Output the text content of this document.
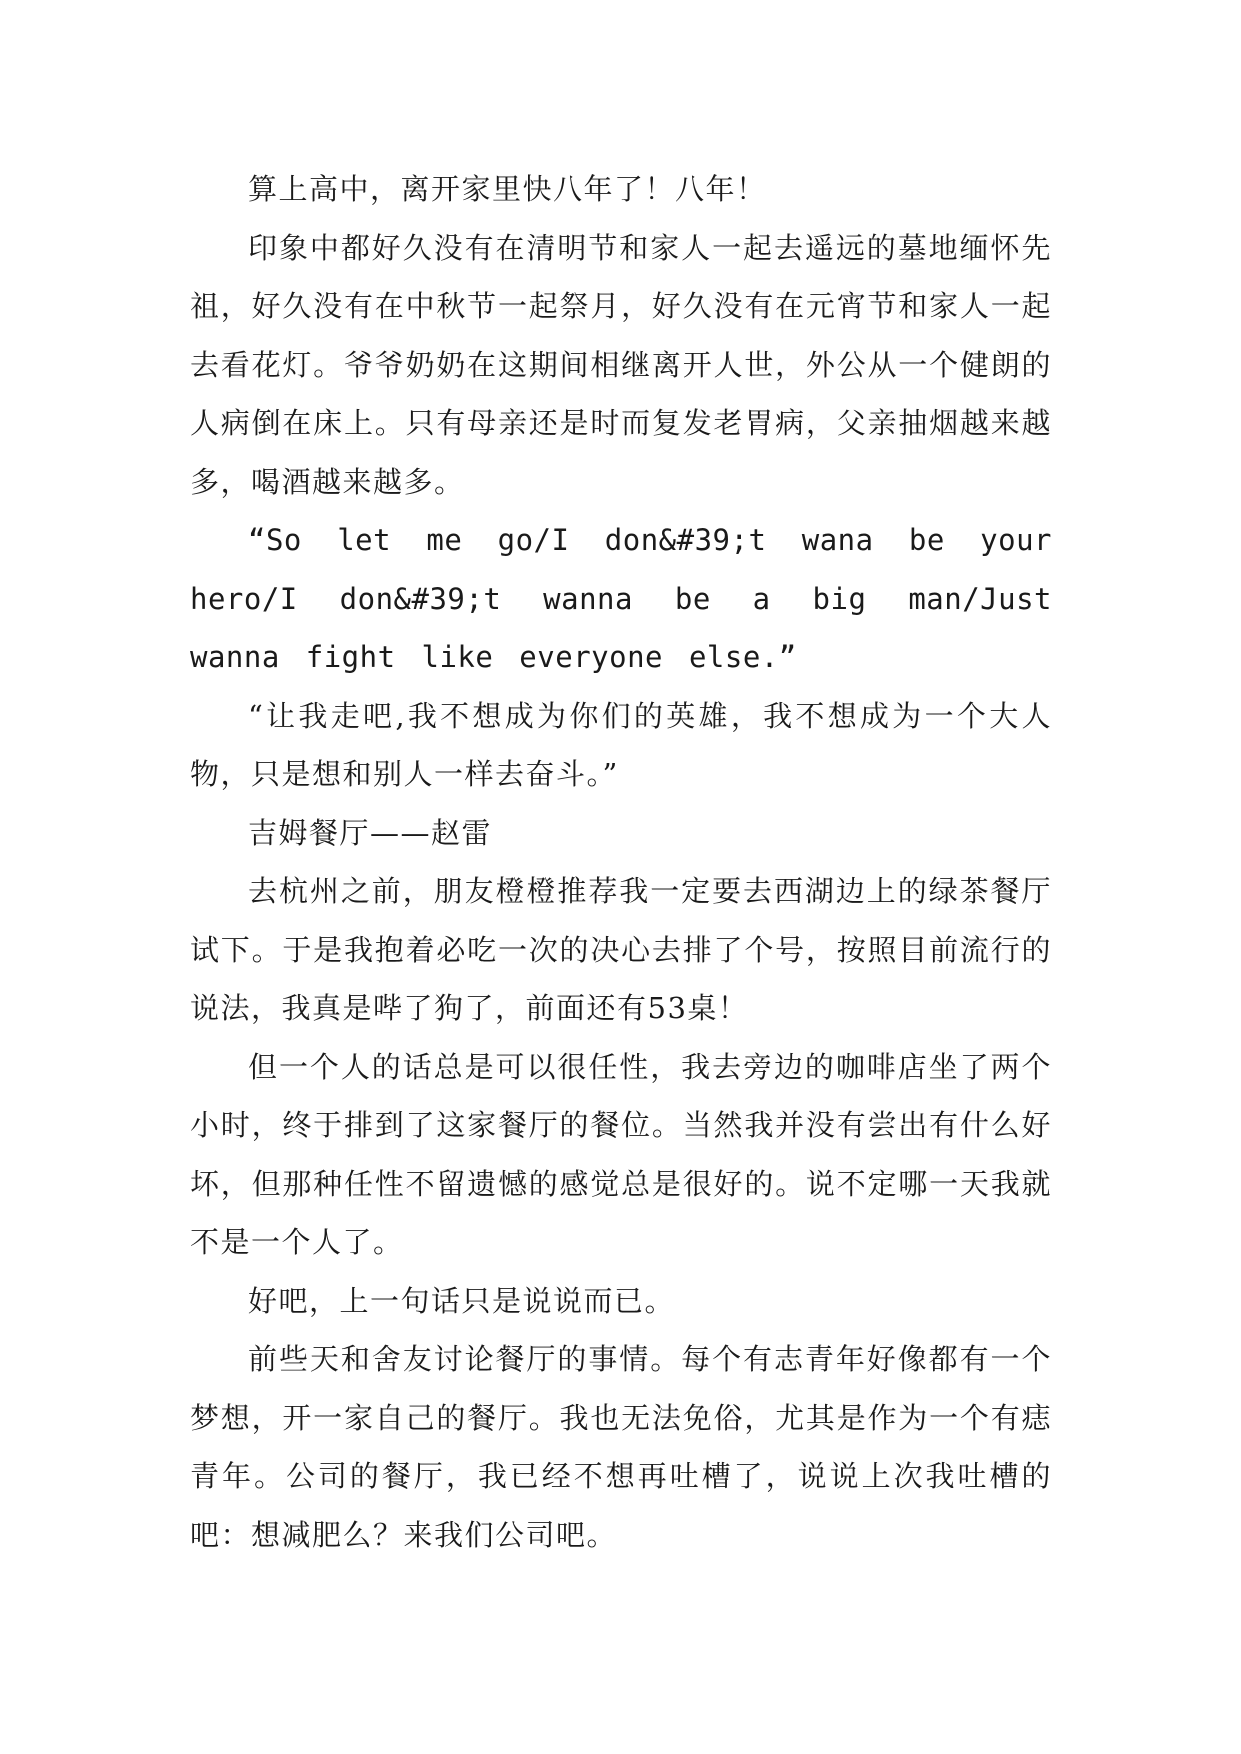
算上高中，离开家里快八年了！八年！

印象中都好久没有在清明节和家人一起去遥远的墓地缅怀先祖，好久没有在中秋节一起祭月，好久没有在元宵节和家人一起去看花灯。爷爷奶奶在这期间相继离开人世，外公从一个健朗的人病倒在床上。只有母亲还是时而复发老胃病，父亲抽烟越来越多，喝酒越来越多。

“So let me go/I don&#39;t wana be your hero/I don&#39;t wanna be a big man/Just wanna fight like everyone else.”

“让我走吧,我不想成为你们的英雄，我不想成为一个大人物，只是想和别人一样去奋斗。”

吉姆餐厅——赵雷

去杭州之前，朋友橙橙推荐我一定要去西湖边上的绿茶餐厅试下。于是我抱着必吃一次的决心去排了个号，按照目前流行的说法，我真是哔了狗了，前面还有53桌！

但一个人的话总是可以很任性，我去旁边的咖啡店坐了两个小时，终于排到了这家餐厅的餐位。当然我并没有尝出有什么好坏，但那种任性不留遗憾的感觉总是很好的。说不定哪一天我就不是一个人了。

好吧，上一句话只是说说而已。

前些天和舍友讨论餐厅的事情。每个有志青年好像都有一个梦想，开一家自己的餐厅。我也无法免俗，尤其是作为一个有痣青年。公司的餐厅，我已经不想再吐槽了，说说上次我吐槽的吧：想减肥么？来我们公司吧。
